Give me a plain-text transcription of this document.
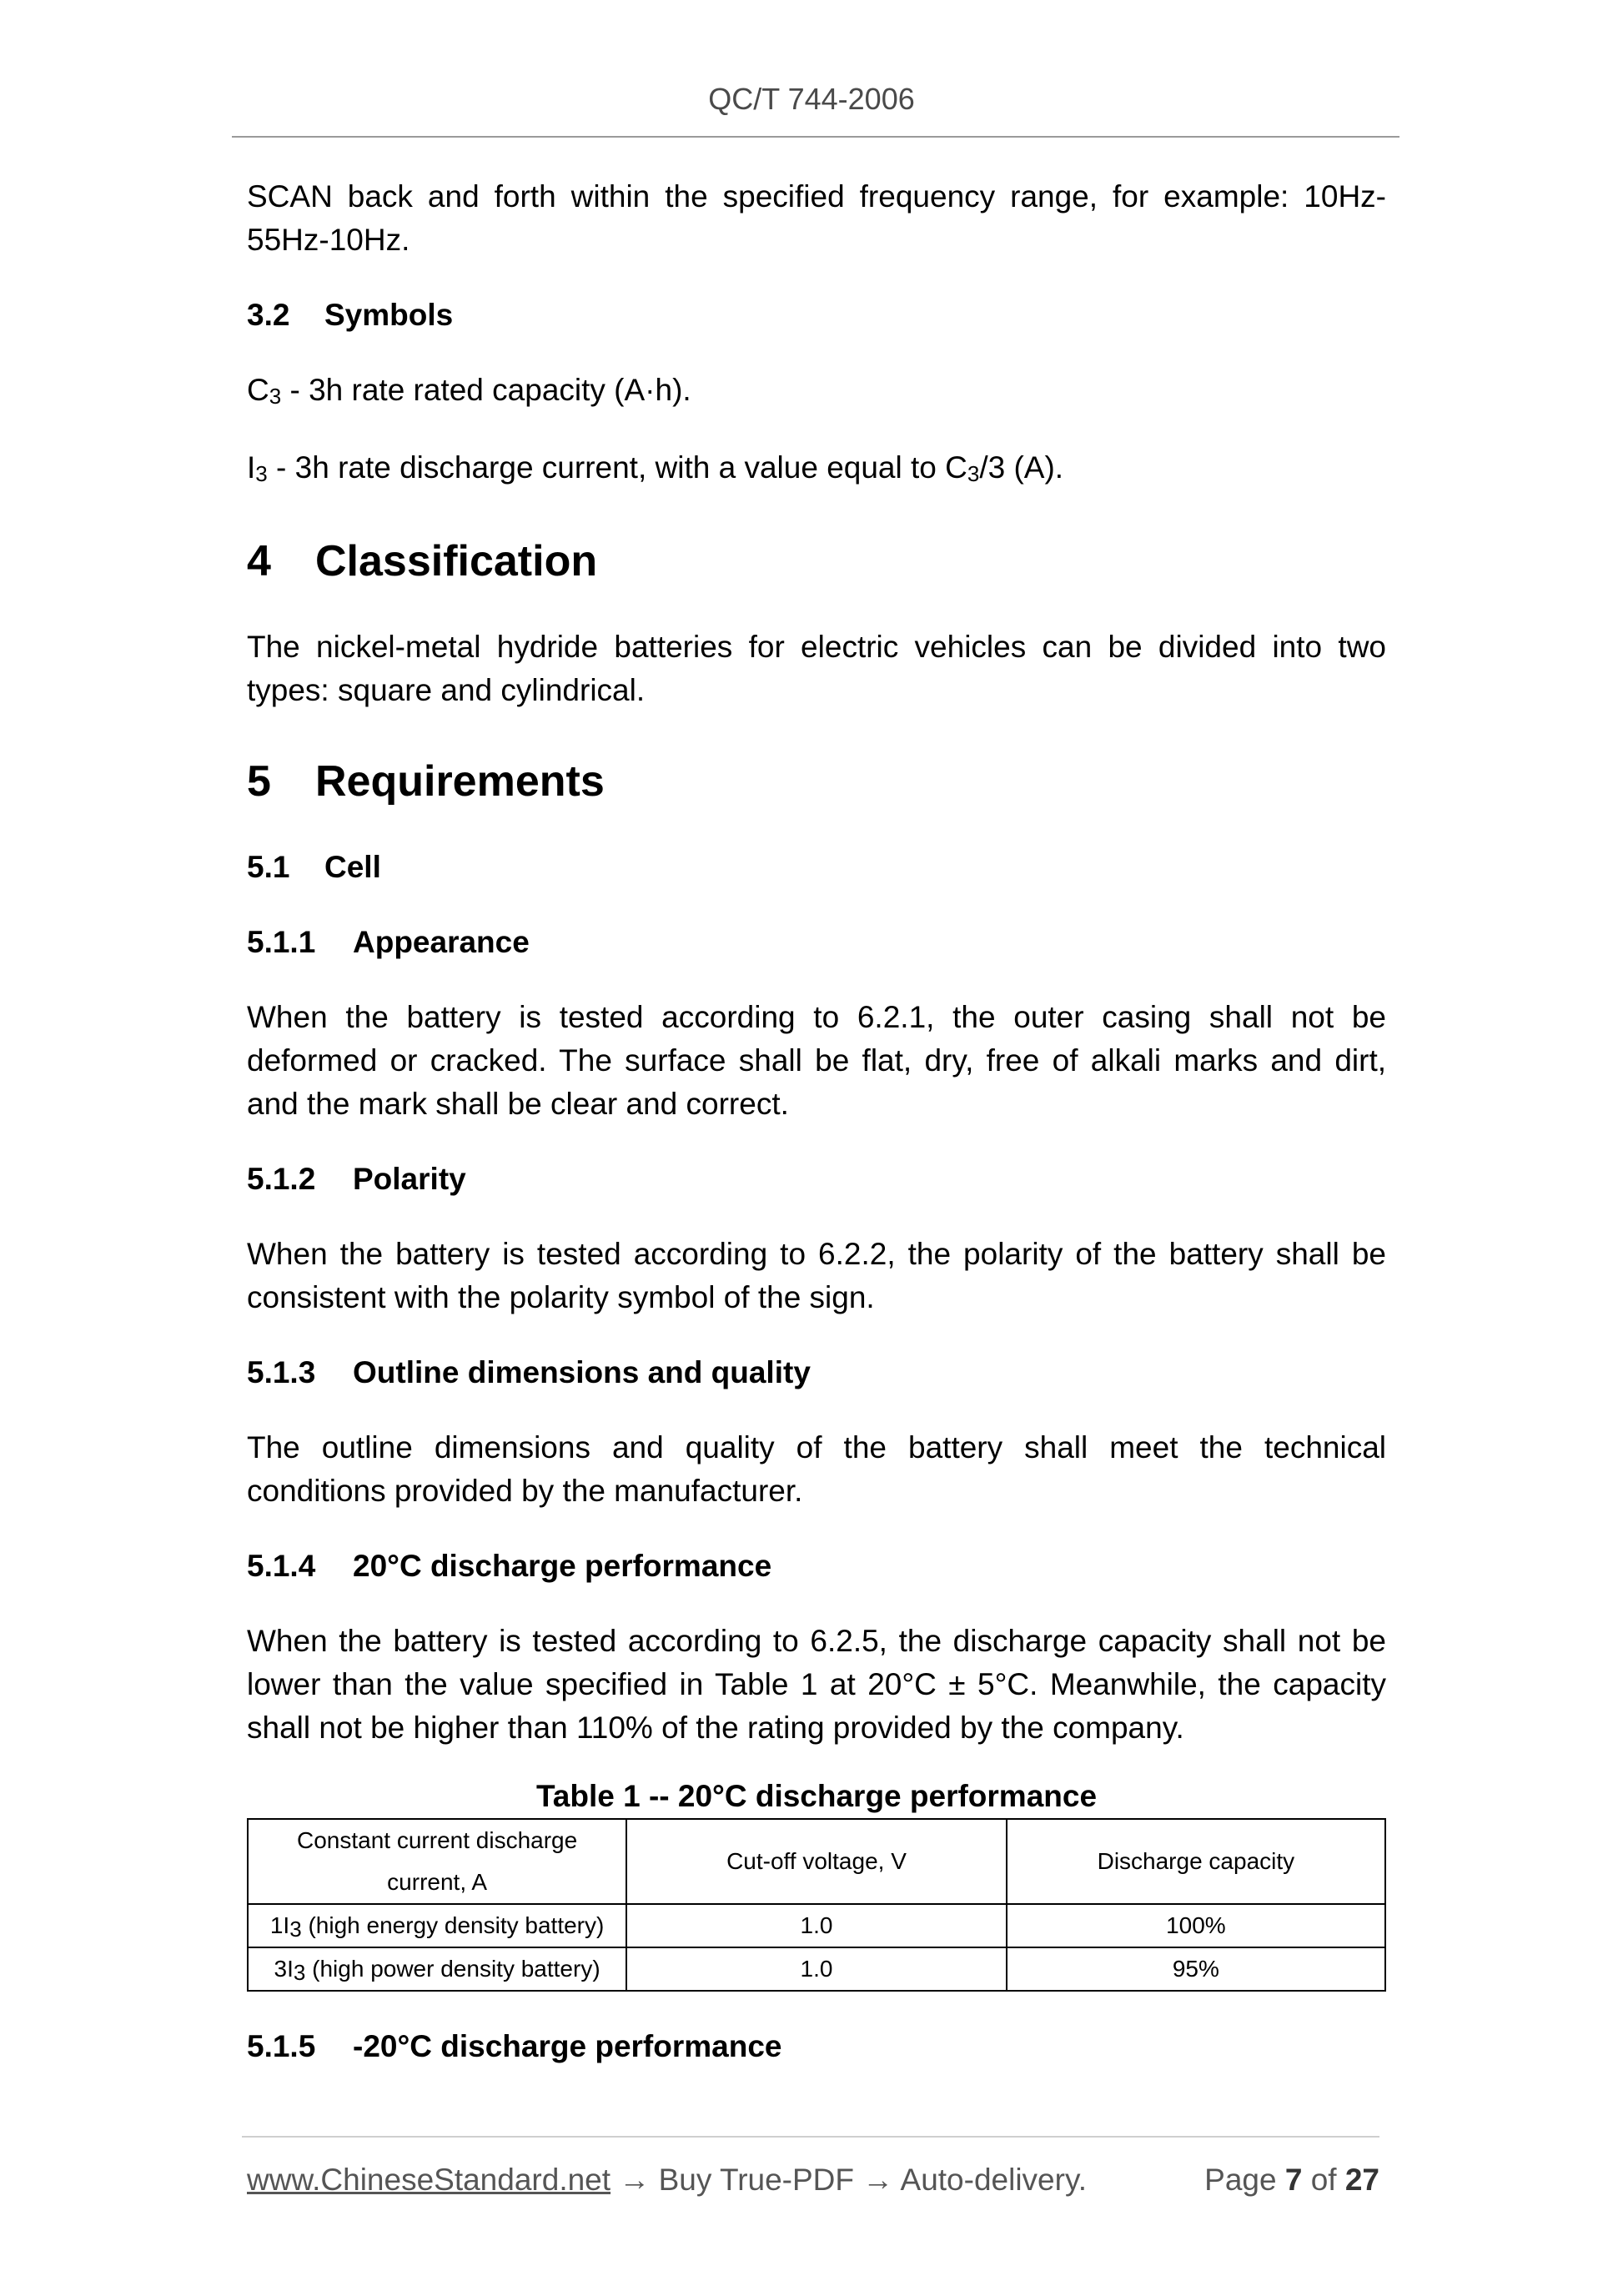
QC/T 744-2006

SCAN back and forth within the specified frequency range, for example: 10Hz-55Hz-10Hz.

3.2 Symbols

$C_3 - 3h$ rate rated capacity (A·h).

$I_3 - 3h$ rate discharge current, with a value equal to $C_3/3$ (A).

4 Classification

The nickel-metal hydride batteries for electric vehicles can be divided into two types: square and cylindrical.

5 Requirements
5.1 Cell
5.1.1 Appearance

When the battery is tested according to 6.2.1, the outer casing shall not be deformed or cracked. The surface shall be flat, dry, free of alkali marks and dirt, and the mark shall be clear and correct.

5.1.2 Polarity

When the battery is tested according to 6.2.2, the polarity of the battery shall be consistent with the polarity symbol of the sign.

5.1.3 Outline dimensions and quality

The outline dimensions and quality of the battery shall meet the technical conditions provided by the manufacturer.

5.1.4 20°C discharge performance

When the battery is tested according to 6.2.5, the discharge capacity shall not be lower than the value specified in Table 1 at 20°C ± 5°C. Meanwhile, the capacity shall not be higher than 110% of the rating provided by the company.

Table 1 -- 20°C discharge performance
Constant current discharge current, A	Cut-off voltage, V	Discharge capacity
$1I_3$ (high energy density battery)	1.0	100%
$3I_3$ (high power density battery)	1.0	95%
5.1.5 -20°C discharge performance
www.ChineseStandard.net → Buy True-PDF → Auto-delivery.	Page 7 of 27
